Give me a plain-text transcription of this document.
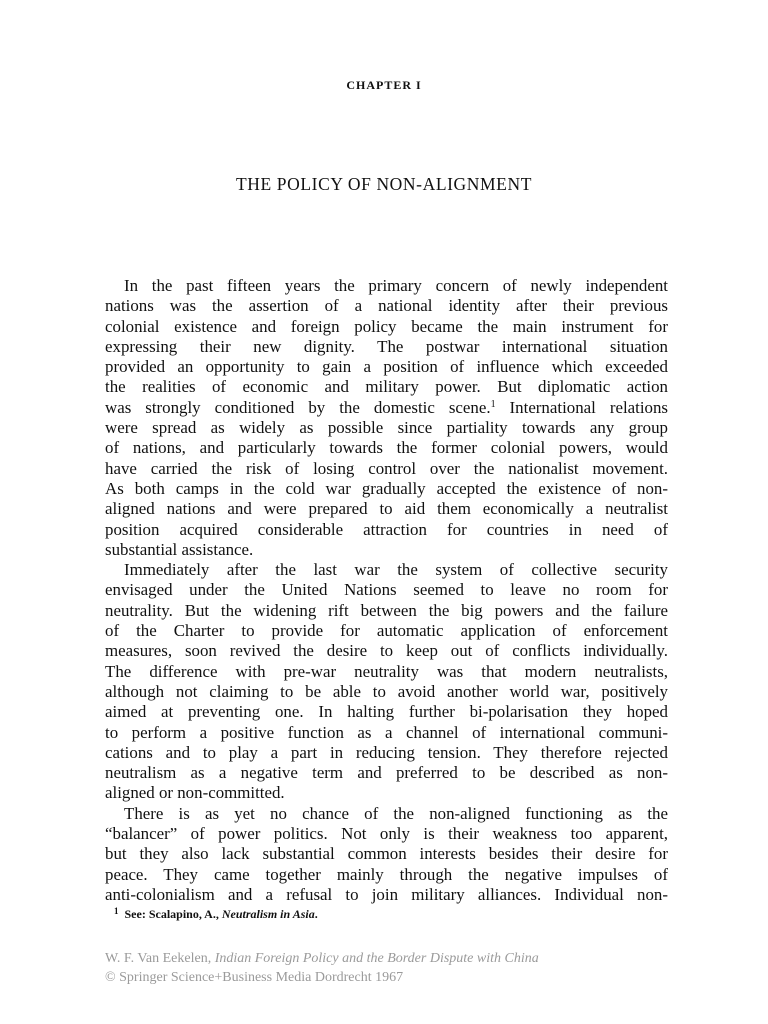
CHAPTER I
THE POLICY OF NON-ALIGNMENT
In the past fifteen years the primary concern of newly independent
nations was the assertion of a national identity after their previous
colonial existence and foreign policy became the main instrument for
expressing their new dignity. The postwar international situation
provided an opportunity to gain a position of influence which exceeded
the realities of economic and military power. But diplomatic action
was strongly conditioned by the domestic scene.$^1$ International relations
were spread as widely as possible since partiality towards any group
of nations, and particularly towards the former colonial powers, would
have carried the risk of losing control over the nationalist movement.
As both camps in the cold war gradually accepted the existence of non-
aligned nations and were prepared to aid them economically a neutralist
position acquired considerable attraction for countries in need of
substantial assistance.
Immediately after the last war the system of collective security
envisaged under the United Nations seemed to leave no room for
neutrality. But the widening rift between the big powers and the failure
of the Charter to provide for automatic application of enforcement
measures, soon revived the desire to keep out of conflicts individually.
The difference with pre-war neutrality was that modern neutralists,
although not claiming to be able to avoid another world war, positively
aimed at preventing one. In halting further bi-polarisation they hoped
to perform a positive function as a channel of international communi-
cations and to play a part in reducing tension. They therefore rejected
neutralism as a negative term and preferred to be described as non-
aligned or non-committed.
There is as yet no chance of the non-aligned functioning as the
“balancer” of power politics. Not only is their weakness too apparent,
but they also lack substantial common interests besides their desire for
peace. They came together mainly through the negative impulses of
anti-colonialism and a refusal to join military alliances. Individual non-
$^1$ See: Scalapino, A., Neutralism in Asia.
W. F. Van Eekelen, Indian Foreign Policy and the Border Dispute with China
© Springer Science+Business Media Dordrecht 1967
